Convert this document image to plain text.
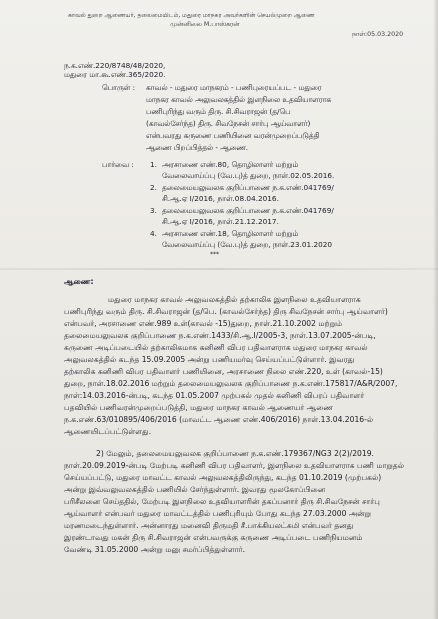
காவல் துறை ஆணையர், தலைமையிடம், மதுரை மாநகர அவர்களின் செயல்முறை ஆணை
முன்னிலை M.பாஸ்கரன்
நாள்:05.03.2020
ந.க.எண்.220/8748/48/2020,
மதுரை மா.கூ.எண்.365/2020.
பொருள் : காவல் - மதுரை மாநகரம் - பணிபுரையப்பட - மதுரை
மாநகர காவல் அலுவலகத்தில் இளநிலை உதவியாளராக
பணிபுரிந்து வரும் திரு. சி.சிவராஜன் (த/பெ
(காவல்சேர்ந்த) திரு. சிவநேசன் சார்பு ஆய்வாளர்)
என்பவரது கருணை பணியினை வரன்முறைப்படுத்தி
ஆணை பிறப்பித்தல் - ஆணை.
பார்வை : 1. அரசாணை எண்.80, தொழிலாளர் மற்றும்
வேலைவாய்ப்பு (வே.பு)த் துறை, நாள்.02.05.2016.
2. தலைமையலுவலக குறிப்பாணை ந.க.எண்.041769/
சி.ஆ.ஏ I/2016, நாள்.08.04.2016.
3. தலைமையலுவலக குறிப்பாணை ந.க.எண்.041769/
சி.ஆ.ஏ I/2016, நாள்.21.12.2017.
4. அரசாணை எண்.18, தொழிலாளர் மற்றும்
வேலைவாய்ப்பு (வே.பு)த் துறை, நாள்.23.01.2020
***
ஆணை:
மதுரை மாநகர காவல் அலுவலகத்தில் தற்காலிக இளநிலை உதவியாளராக
பணிபுரிந்து வரும் திரு. சி.சிவராஜன் (த/பெ. (காவல்சேர்ந்த) திரு சிவநேசன் சார்பு ஆய்வாளர்)
என்பவர், அரசாணை எண்.989 உள்(காவல் -15)துறை, நாள்.21.10.2002 மற்றும்
தலைமையலுவலக குறிப்பாணை ந.க.எண்.1433/சி.ஆ.I/2005-3, நாள்.13.07.2005-ன்படி,
கருணை அடிப்படையில் தற்காலிகமாக கனிணி விபர பதிவாளராக மதுரை மாநகர காவல்
அலுவலகத்தில் கடந்த 15.09.2005 அன்று பணியமர்வு செய்யப்பட்டுள்ளார். இவரது
தற்காலிக கனிணி விபர பதிவாளர் பணியினை, அரசாணை நிலை எண்.220, உள் (காவல்-15)
துறை, நாள்.18.02.2016 மற்றும் தலைமையலுவலக குறிப்பாணை ந.க.எண்.175817/A&R/2007,
நாள்:14.03.2016-ன்படி, கடந்த 01.05.2007 முற்பகல் முதல் கனிணி விபரப் பதிவாளர்
பதவியில் பணிவரன்முறைப்படுத்தி, மதுரை மாநகர காவல் ஆணையர் ஆணை
ந.க.எண்.63/010895/406/2016 (மாவட்ட ஆணை எண்.406/2016) நாள்.13.04.2016-ல்
ஆணையிடப்பட்டுள்ளது.
2) மேலும், தலைமையலுவலக குறிப்பாணை ந.க.எண்.179367/NG3 2(2)/2019.
நாள்.20.09.2019-ன்படி மேற்படி கனிணி விபர பதிவாளர், இளநிலை உதவியாளராக பணி மாறுதல்
செய்யப்பட்டு, மதுரை மாவட்ட காவல் அலுவலகத்திலிருந்து, கடந்த 01.10.2019 (முற்பகல்)
அன்று இவ்வலுவலகத்தில் பணியில் சேர்ந்துள்ளார். இவரது மூலகோப்பினை
பரிசீலனை செய்ததில், மேற்படி இளநிலை உதவியாளரின் தகப்பனார் திரு சி.சிவநேசன் சார்பு
ஆய்வாளர் என்பவர் மதுரை மாவட்டத்தில் பணிபுரியும் போது கடந்த 27.03.2000 அன்று
மரணமடைந்துள்ளார். அன்னாரது மனைவி திருமதி சீ.பாக்கியலட்சுமி என்பவர் தனது
இரண்டாவது மகன் திரு சி.சிவராஜன் என்பவருக்கு கருணை அடிப்படை பணிநியமனம்
வேண்டி 31.05.2000 அன்று மனு சமர்ப்பித்துள்ளார்.
